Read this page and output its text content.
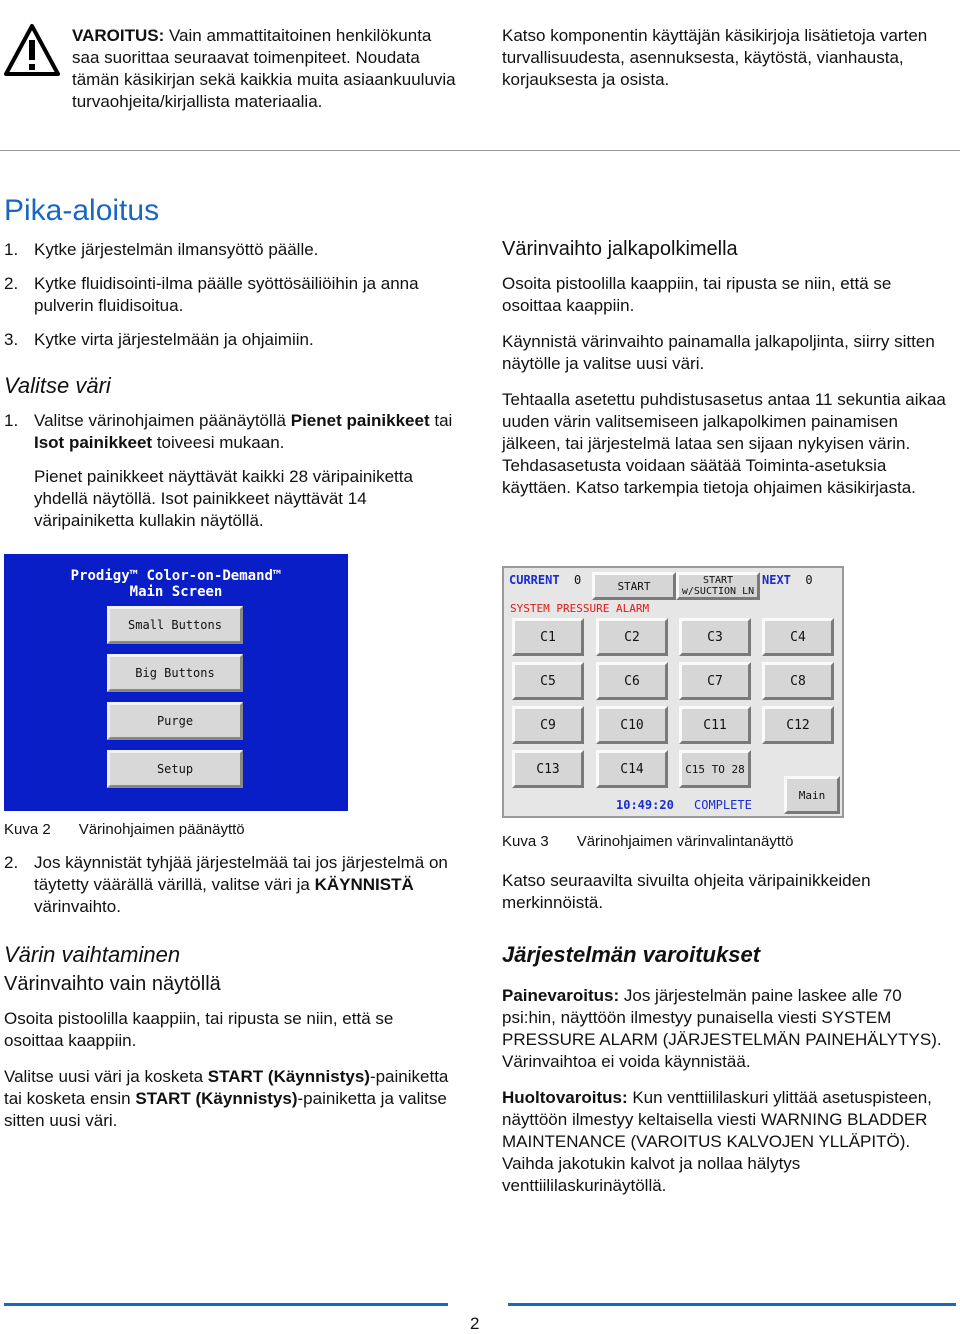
VAROITUS: Vain ammattitaitoinen henkilökunta saa suorittaa seuraavat toimenpiteet. Noudata tämän käsikirjan sekä kaikkia muita asiaankuuluvia turvaohjeita/kirjallista materiaalia.
Katso komponentin käyttäjän käsikirjoja lisätietoja varten turvallisuudesta, asennuksesta, käytöstä, vianhausta, korjauksesta ja osista.
Pika-aloitus
1. Kytke järjestelmän ilmansyöttö päälle.
2. Kytke fluidisointi-ilma päälle syöttösäiliöihin ja anna pulverin fluidisoitua.
3. Kytke virta järjestelmään ja ohjaimiin.
Valitse väri
1. Valitse värinohjaimen päänäytöllä Pienet painikkeet tai Isot painikkeet toiveesi mukaan.
Pienet painikkeet näyttävät kaikki 28 väripainiketta yhdellä näytöllä. Isot painikkeet näyttävät 14 väripainiketta kullakin näytöllä.
Värinvaihto jalkapolkimella
Osoita pistoolilla kaappiin, tai ripusta se niin, että se osoittaa kaappiin.
Käynnistä värinvaihto painamalla jalkapoljinta, siirry sitten näytölle ja valitse uusi väri.
Tehtaalla asetettu puhdistusasetus antaa 11 sekuntia aikaa uuden värin valitsemiseen jalkapolkimen painamisen jälkeen, tai järjestelmä lataa sen sijaan nykyisen värin. Tehdasasetusta voidaan säätää Toiminta-asetuksia käyttäen. Katso tarkempia tietoja ohjaimen käsikirjasta.
Prodigy™ Color-on-Demand™
Main Screen
Small Buttons
Big Buttons
Purge
Setup
CURRENT 0	START	START
w/SUCTION LN
NEXT 0
SYSTEM PRESSURE ALARM
C1	C2	C3	C4
C5	C6	C7	C8
C9	C10	C11	C12
C13	C14	C15 TO 28
10:49:20 COMPLETE
Main
Kuva 2 Värinohjaimen päänäyttö
Kuva 3 Värinohjaimen värinvalintanäyttö
2. Jos käynnistät tyhjää järjestelmää tai jos järjestelmä on täytetty väärällä värillä, valitse väri ja KÄYNNISTÄ värinvaihto.
Katso seuraavilta sivuilta ohjeita väripainikkeiden merkinnöistä.
Värin vaihtaminen
Värinvaihto vain näytöllä
Osoita pistoolilla kaappiin, tai ripusta se niin, että se osoittaa kaappiin.
Valitse uusi väri ja kosketa START (Käynnistys)-painiketta tai kosketa ensin START (Käynnistys)-painiketta ja valitse sitten uusi väri.
Järjestelmän varoitukset
Painevaroitus: Jos järjestelmän paine laskee alle 70 psi:hin, näyttöön ilmestyy punaisella viesti SYSTEM PRESSURE ALARM (JÄRJESTELMÄN PAINEHÄLYTYS). Värinvaihtoa ei voida käynnistää.
Huoltovaroitus: Kun venttiililaskuri ylittää asetuspisteen, näyttöön ilmestyy keltaisella viesti WARNING BLADDER MAINTENANCE (VAROITUS KALVOJEN YLLÄPITÖ). Vaihda jakotukin kalvot ja nollaa hälytys venttiililaskurinäytöllä.
2
